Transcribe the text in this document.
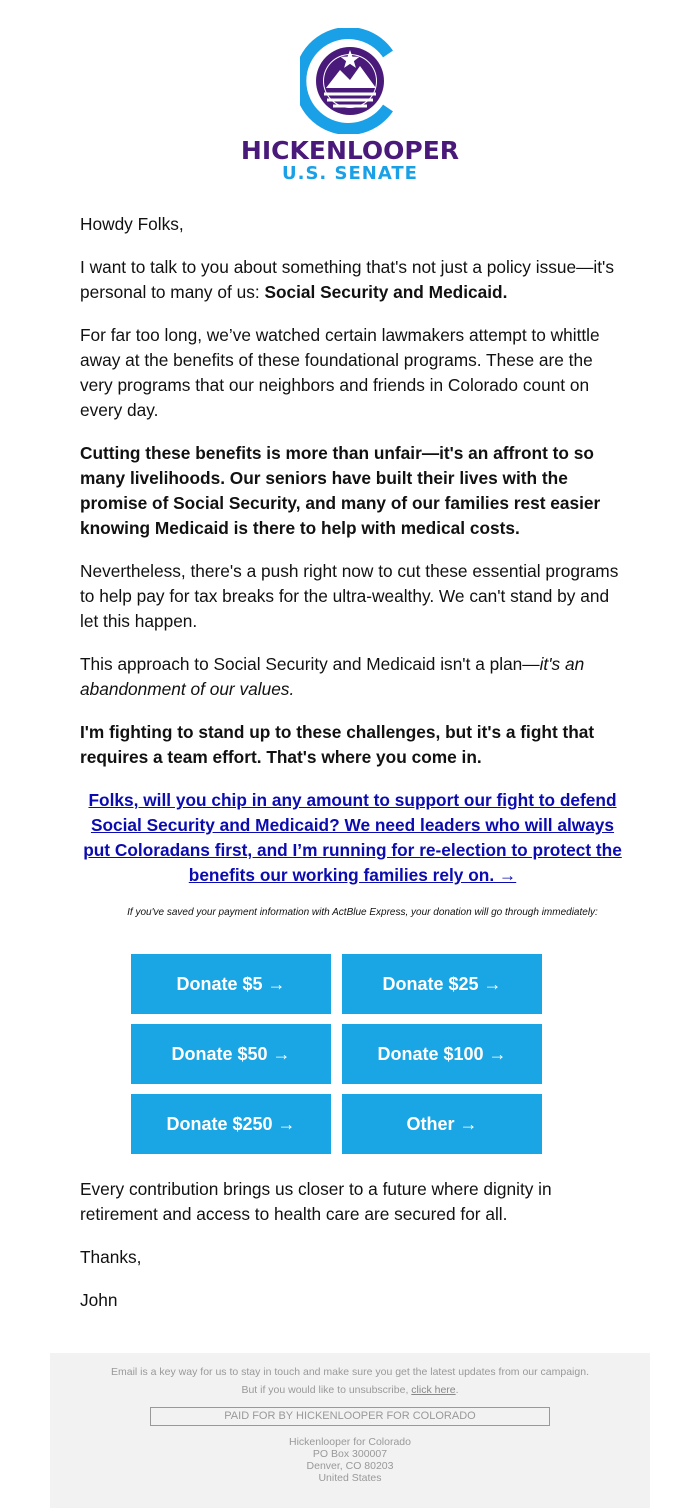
HICKENLOOPER
U.S. SENATE

Howdy Folks,

I want to talk to you about something that's not just a policy issue—it's personal to many of us: Social Security and Medicaid.

For far too long, we’ve watched certain lawmakers attempt to whittle away at the benefits of these foundational programs. These are the very programs that our neighbors and friends in Colorado count on every day.

Cutting these benefits is more than unfair—it's an affront to so many livelihoods. Our seniors have built their lives with the promise of Social Security, and many of our families rest easier knowing Medicaid is there to help with medical costs.

Nevertheless, there's a push right now to cut these essential programs to help pay for tax breaks for the ultra-wealthy. We can't stand by and let this happen.

This approach to Social Security and Medicaid isn't a plan—it's an abandonment of our values.

I'm fighting to stand up to these challenges, but it's a fight that requires a team effort. That's where you come in.

Folks, will you chip in any amount to support our fight to defend Social Security and Medicaid? We need leaders who will always put Coloradans first, and I’m running for re-election to protect the benefits our working families rely on. →

If you've saved your payment information with ActBlue Express, your donation will go through immediately:

Donate $5 →	Donate $25 →
Donate $50 →	Donate $100 →
Donate $250 →	Other →

Every contribution brings us closer to a future where dignity in retirement and access to health care are secured for all.

Thanks,

John

Email is a key way for us to stay in touch and make sure you get the latest updates from our campaign.
But if you would like to unsubscribe, click here.
PAID FOR BY HICKENLOOPER FOR COLORADO
Hickenlooper for Colorado
PO Box 300007
Denver, CO 80203
United States
